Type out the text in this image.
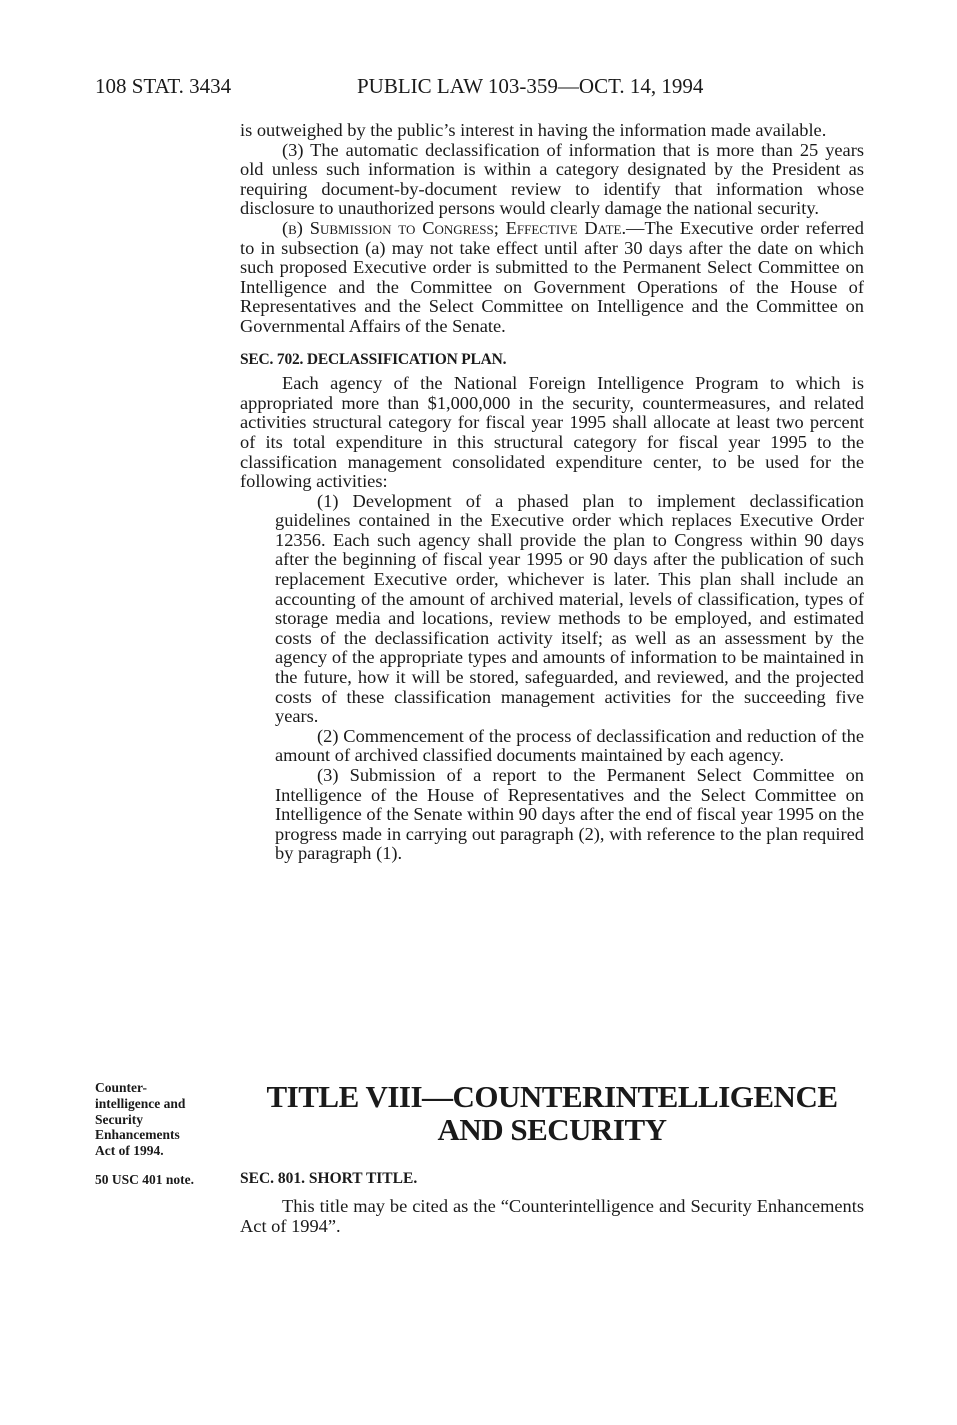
108 STAT. 3434	PUBLIC LAW 103-359—OCT. 14, 1994

is outweighed by the public’s interest in having the information made available.

(3) The automatic declassification of information that is more than 25 years old unless such information is within a category designated by the President as requiring document-by-document review to identify that information whose disclosure to unauthorized persons would clearly damage the national security.

(b) Submission to Congress; Effective Date.—The Executive order referred to in subsection (a) may not take effect until after 30 days after the date on which such proposed Executive order is submitted to the Permanent Select Committee on Intelligence and the Committee on Government Operations of the House of Representatives and the Select Committee on Intelligence and the Committee on Governmental Affairs of the Senate.

SEC. 702. DECLASSIFICATION PLAN.

Each agency of the National Foreign Intelligence Program to which is appropriated more than $1,000,000 in the security, countermeasures, and related activities structural category for fiscal year 1995 shall allocate at least two percent of its total expenditure in this structural category for fiscal year 1995 to the classification management consolidated expenditure center, to be used for the following activities:

(1) Development of a phased plan to implement declassification guidelines contained in the Executive order which replaces Executive Order 12356. Each such agency shall provide the plan to Congress within 90 days after the beginning of fiscal year 1995 or 90 days after the publication of such replacement Executive order, whichever is later. This plan shall include an accounting of the amount of archived material, levels of classification, types of storage media and locations, review methods to be employed, and estimated costs of the declassification activity itself; as well as an assessment by the agency of the appropriate types and amounts of information to be maintained in the future, how it will be stored, safeguarded, and reviewed, and the projected costs of these classification management activities for the succeeding five years.

(2) Commencement of the process of declassification and reduction of the amount of archived classified documents maintained by each agency.

(3) Submission of a report to the Permanent Select Committee on Intelligence of the House of Representatives and the Select Committee on Intelligence of the Senate within 90 days after the end of fiscal year 1995 on the progress made in carrying out paragraph (2), with reference to the plan required by paragraph (1).

Counter-
intelligence and
Security
Enhancements
Act of 1994.
TITLE VIII—COUNTERINTELLIGENCE
AND SECURITY
50 USC 401 note.	SEC. 801. SHORT TITLE.

This title may be cited as the “Counterintelligence and Security Enhancements Act of 1994”.
